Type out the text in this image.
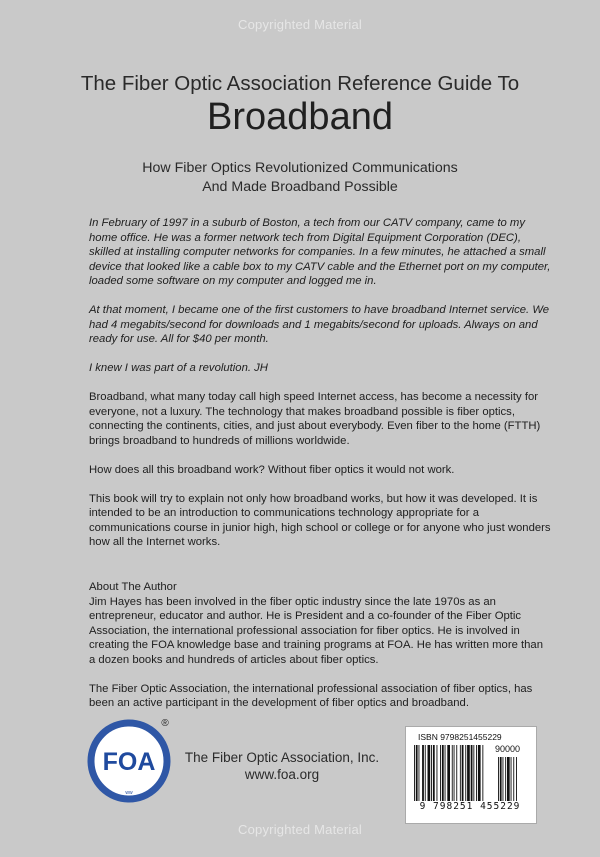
Copyrighted Material
The Fiber Optic Association Reference Guide To
Broadband
How Fiber Optics Revolutionized Communications
And Made Broadband Possible

In February of 1997 in a suburb of Boston, a tech from our CATV company, came to my home office. He was a former network tech from Digital Equipment Corporation (DEC), skilled at installing computer networks for companies. In a few minutes, he attached a small device that looked like a cable box to my CATV cable and the Ethernet port on my computer, loaded some software on my computer and logged me in.

At that moment, I became one of the first customers to have broadband Internet service. We had 4 megabits/second for downloads and 1 megabits/second for uploads. Always on and ready for use. All for $40 per month.

I knew I was part of a revolution. JH

Broadband, what many today call high speed Internet access, has become a necessity for everyone, not a luxury. The technology that makes broadband possible is fiber optics, connecting the continents, cities, and just about everybody. Even fiber to the home (FTTH) brings broadband to hundreds of millions worldwide.

How does all this broadband work? Without fiber optics it would not work.

This book will try to explain not only how broadband works, but how it was developed. It is intended to be an introduction to communications technology appropriate for a communications course in junior high, high school or college or for anyone who just wonders how all the Internet works.

About The Author
Jim Hayes has been involved in the fiber optic industry since the late 1970s as an entrepreneur, educator and author. He is President and a co-founder of the Fiber Optic Association, the international professional association for fiber optics. He is involved in creating the FOA knowledge base and training programs at FOA. He has written more than a dozen books and hundreds of articles about fiber optics.

The Fiber Optic Association, the international professional association of fiber optics, has been an active participant in the development of fiber optics and broadband.

FOA
ww
®
The Fiber Optic Association, Inc.
www.foa.org
ISBN 9798251455229
90000
9 798251 455229
Copyrighted Material
